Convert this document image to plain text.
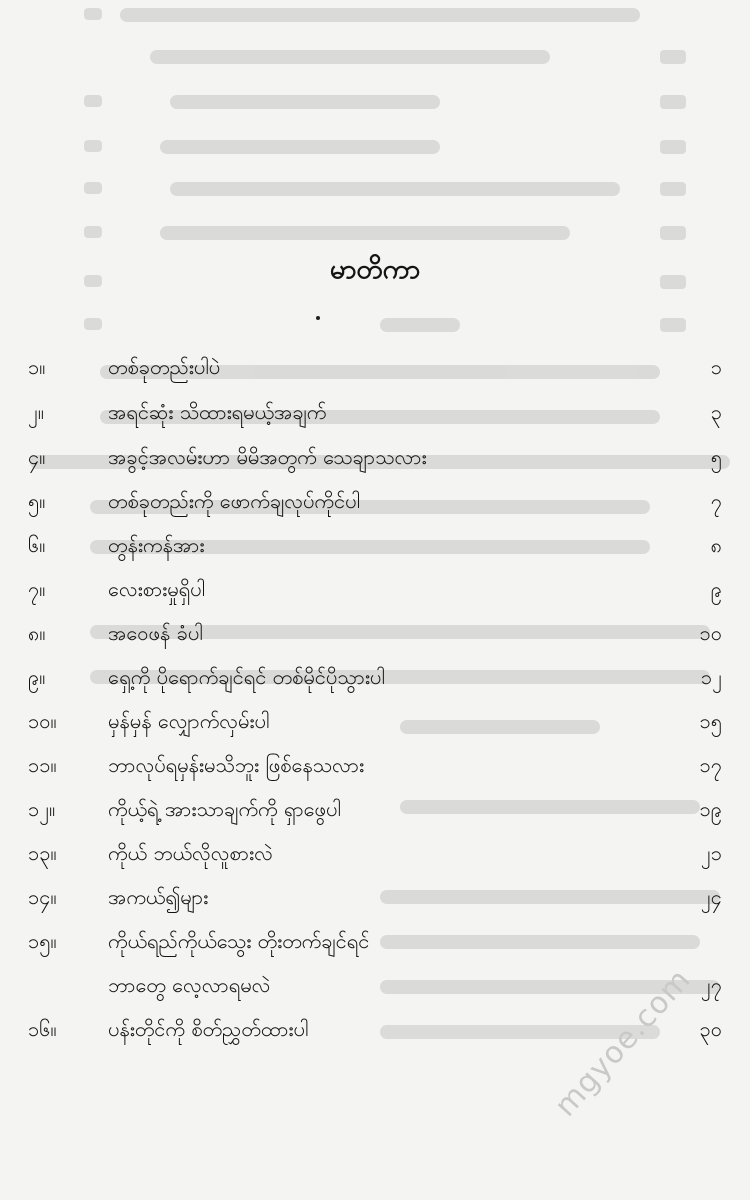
မာတိကာ
၁။	တစ်ခုတည်းပါပဲ	၁
၂။	အရင်ဆုံး သိထားရမယ့်အချက်	၃
၄။	အခွင့်အလမ်းဟာ မိမိအတွက် သေချာသလား	၅
၅။	တစ်ခုတည်းကို ဖောက်ချလုပ်ကိုင်ပါ	၇
၆။	တွန်းကန်အား	၈
၇။	လေးစားမှုရှိပါ	၉
၈။	အဝေဖန် ခံပါ	၁၀
၉။	ရှေ့ကို ပိုရောက်ချင်ရင် တစ်မိုင်ပိုသွားပါ	၁၂
၁၀။	မှန်မှန် လျှောက်လှမ်းပါ	၁၅
၁၁။	ဘာလုပ်ရမှန်းမသိဘူး ဖြစ်နေသလား	၁၇
၁၂။	ကိုယ့်ရဲ့ အားသာချက်ကို ရှာဖွေပါ	၁၉
၁၃။	ကိုယ် ဘယ်လိုလူစားလဲ	၂၁
၁၄။	အကယ်၍များ	၂၄
၁၅။	ကိုယ်ရည်ကိုယ်သွေး တိုးတက်ချင်ရင်
ဘာတွေ လေ့လာရမလဲ	၂၇
၁၆။	ပန်းတိုင်ကို စိတ်ညွှတ်ထားပါ	၃၀
mgyoe.com
